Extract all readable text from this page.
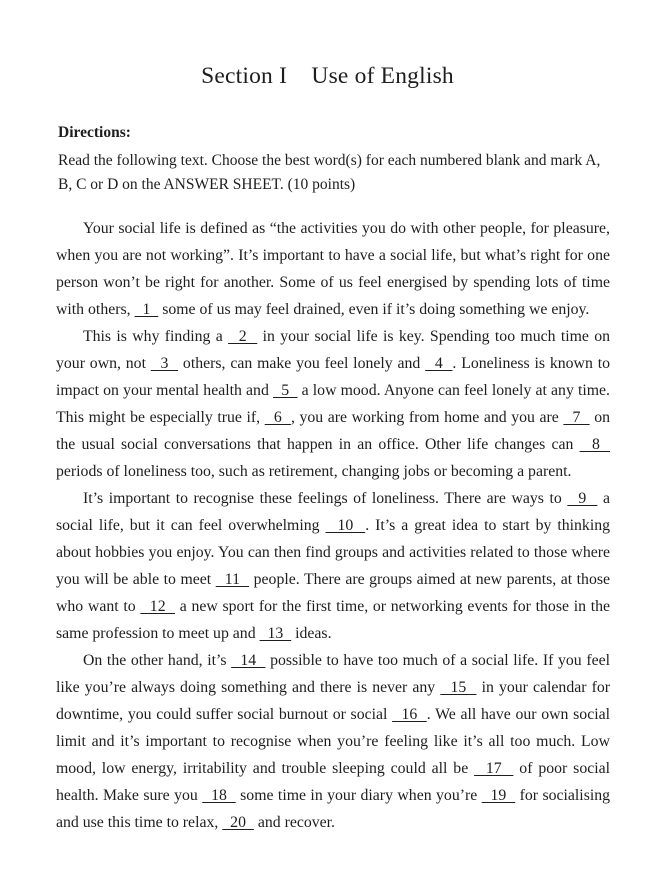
Section I    Use of English
Directions:
Read the following text. Choose the best word(s) for each numbered blank and mark A, B, C or D on the ANSWER SHEET. (10 points)

Your social life is defined as “the activities you do with other people, for pleasure, when you are not working”. It’s important to have a social life, but what’s right for one person won’t be right for another. Some of us feel energised by spending lots of time with others,   1   some of us may feel drained, even if it’s doing something we enjoy.

This is why finding a   2   in your social life is key. Spending too much time on your own, not   3   others, can make you feel lonely and   4  . Loneliness is known to impact on your mental health and   5   a low mood. Anyone can feel lonely at any time. This might be especially true if,   6  , you are working from home and you are   7   on the usual social conversations that happen in an office. Other life changes can   8   periods of loneliness too, such as retirement, changing jobs or becoming a parent.

It’s important to recognise these feelings of loneliness. There are ways to   9   a social life, but it can feel overwhelming   10  . It’s a great idea to start by thinking about hobbies you enjoy. You can then find groups and activities related to those where you will be able to meet   11   people. There are groups aimed at new parents, at those who want to   12   a new sport for the first time, or networking events for those in the same profession to meet up and   13   ideas.

On the other hand, it’s   14   possible to have too much of a social life. If you feel like you’re always doing something and there is never any   15   in your calendar for downtime, you could suffer social burnout or social   16  . We all have our own social limit and it’s important to recognise when you’re feeling like it’s all too much. Low mood, low energy, irritability and trouble sleeping could all be   17   of poor social health. Make sure you   18   some time in your diary when you’re   19   for socialising and use this time to relax,   20   and recover.
